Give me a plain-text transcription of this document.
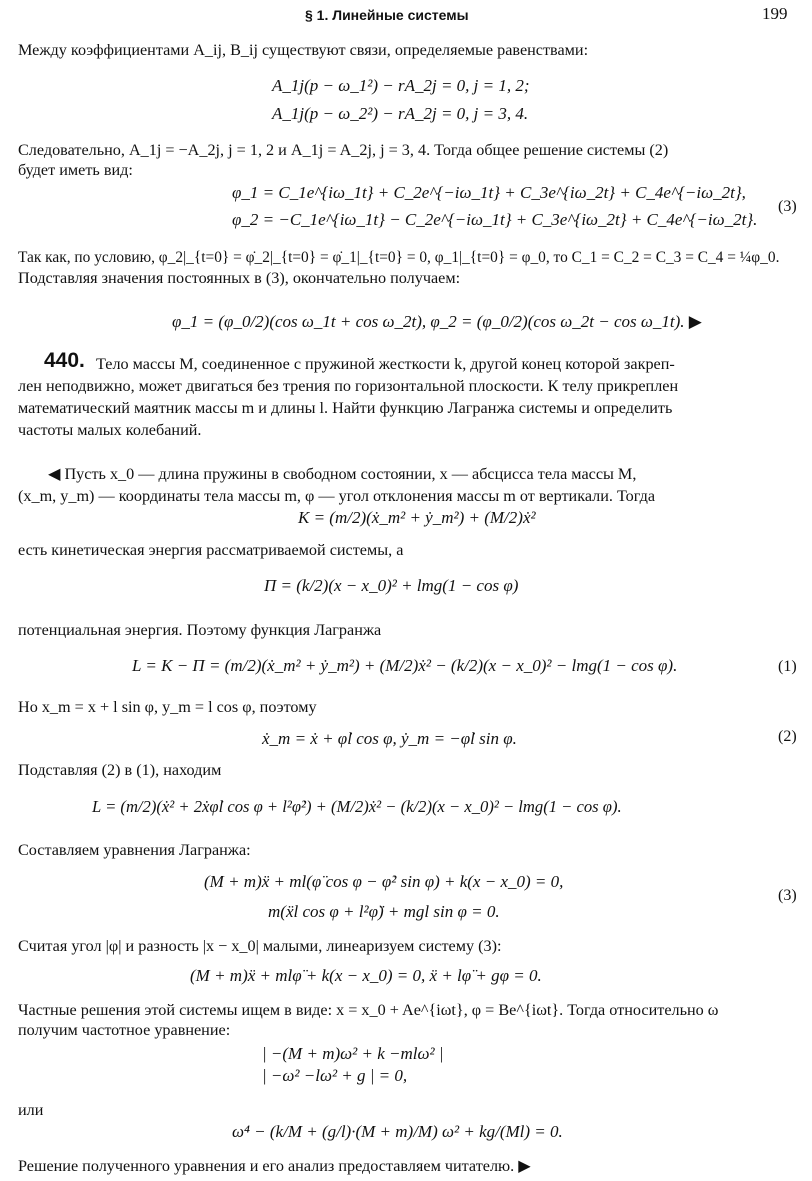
§ 1. Линейные системы	199
Между коэффициентами A_ij, B_ij существуют связи, определяемые равенствами:
A_1j(p − ω_1²) − rA_2j = 0, j = 1, 2;
A_1j(p − ω_2²) − rA_2j = 0, j = 3, 4.
Следовательно, A_1j = −A_2j, j = 1, 2 и A_1j = A_2j, j = 3, 4. Тогда общее решение системы (2)
будет иметь вид:
φ_1 = C_1e^{iω_1t} + C_2e^{−iω_1t} + C_3e^{iω_2t} + C_4e^{−iω_2t},
φ_2 = −C_1e^{iω_1t} − C_2e^{−iω_1t} + C_3e^{iω_2t} + C_4e^{−iω_2t}.
(3)
Так как, по условию, φ_2|_{t=0} = φ̇_2|_{t=0} = φ̇_1|_{t=0} = 0, φ_1|_{t=0} = φ_0, то C_1 = C_2 = C_3 = C_4 = ¼φ_0.
Подставляя значения постоянных в (3), окончательно получаем:
φ_1 = (φ_0/2)(cos ω_1t + cos ω_2t), φ_2 = (φ_0/2)(cos ω_2t − cos ω_1t). ▶
440. Тело массы M, соединенное с пружиной жесткости k, другой конец которой закреп-
лен неподвижно, может двигаться без трения по горизонтальной плоскости. К телу прикреплен
математический маятник массы m и длины l. Найти функцию Лагранжа системы и определить
частоты малых колебаний.
◀ Пусть x_0 — длина пружины в свободном состоянии, x — абсцисса тела массы M,
(x_m, y_m) — координаты тела массы m, φ — угол отклонения массы m от вертикали. Тогда
K = (m/2)(ẋ_m² + ẏ_m²) + (M/2)ẋ²
есть кинетическая энергия рассматриваемой системы, а
Π = (k/2)(x − x_0)² + lmg(1 − cos φ)
потенциальная энергия. Поэтому функция Лагранжа
L = K − Π = (m/2)(ẋ_m² + ẏ_m²) + (M/2)ẋ² − (k/2)(x − x_0)² − lmg(1 − cos φ).	(1)
Но x_m = x + l sin φ, y_m = l cos φ, поэтому
ẋ_m = ẋ + φ̇l cos φ, ẏ_m = −φ̇l sin φ.	(2)
Подставляя (2) в (1), находим
L = (m/2)(ẋ² + 2ẋφ̇l cos φ + l²φ̇²) + (M/2)ẋ² − (k/2)(x − x_0)² − lmg(1 − cos φ).
Составляем уравнения Лагранжа:
(M + m)ẍ + ml(φ̈ cos φ − φ̇² sin φ) + k(x − x_0) = 0,
m(ẍl cos φ + l²φ̈) + mgl sin φ = 0.
(3)
Считая угол |φ| и разность |x − x_0| малыми, линеаризуем систему (3):
(M + m)ẍ + mlφ̈ + k(x − x_0) = 0, ẍ + lφ̈ + gφ = 0.
Частные решения этой системы ищем в виде: x = x_0 + Ae^{iωt}, φ = Be^{iωt}. Тогда относительно ω
получим частотное уравнение:
| −(M + m)ω² + k −mlω² |
| −ω² −lω² + g | = 0,
или
ω⁴ − (k/M + (g/l)·(M + m)/M) ω² + kg/(Ml) = 0.
Решение полученного уравнения и его анализ предоставляем читателю. ▶
